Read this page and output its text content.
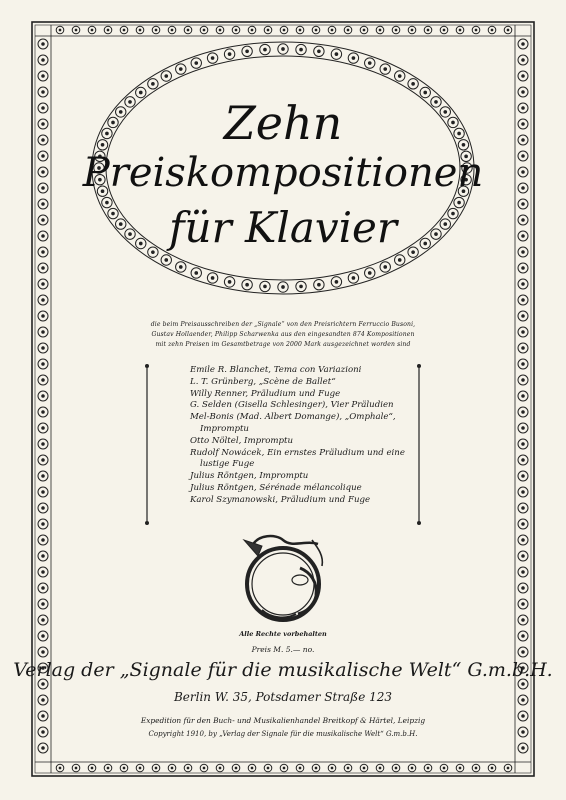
Zehn
Preiskompositionen
für Klavier
die beim Preisausschreiben der „Signale“ von den Preisrichtern Ferruccio Busoni,
Gustav Hollaender, Philipp Scharwenka aus den eingesandten 874 Kompositionen
mit zehn Preisen im Gesamtbetrage von 2000 Mark ausgezeichnet worden sind
Emile R. Blanchet, Tema con Variazioni
L. T. Grünberg, „Scène de Ballet“
Willy Renner, Präludium und Fuge
G. Selden (Gisella Schlesinger), Vier Präludien
Mel-Bonis (Mad. Albert Domange), „Omphale“,
Impromptu
Otto Nöltel, Impromptu
Rudolf Nowácek, Ein ernstes Präludium und eine
lustige Fuge
Julius Röntgen, Impromptu
Julius Röntgen, Sérénade mélancolique
Karol Szymanowski, Präludium und Fuge
Alle Rechte vorbehalten
Preis M. 5.— no.
Verlag der „Signale für die musikalische Welt“ G.m.b.H.
Berlin W. 35, Potsdamer Straße 123
Expedition für den Buch- und Musikalienhandel Breitkopf & Härtel, Leipzig
Copyright 1910, by „Verlag der Signale für die musikalische Welt“ G.m.b.H.
